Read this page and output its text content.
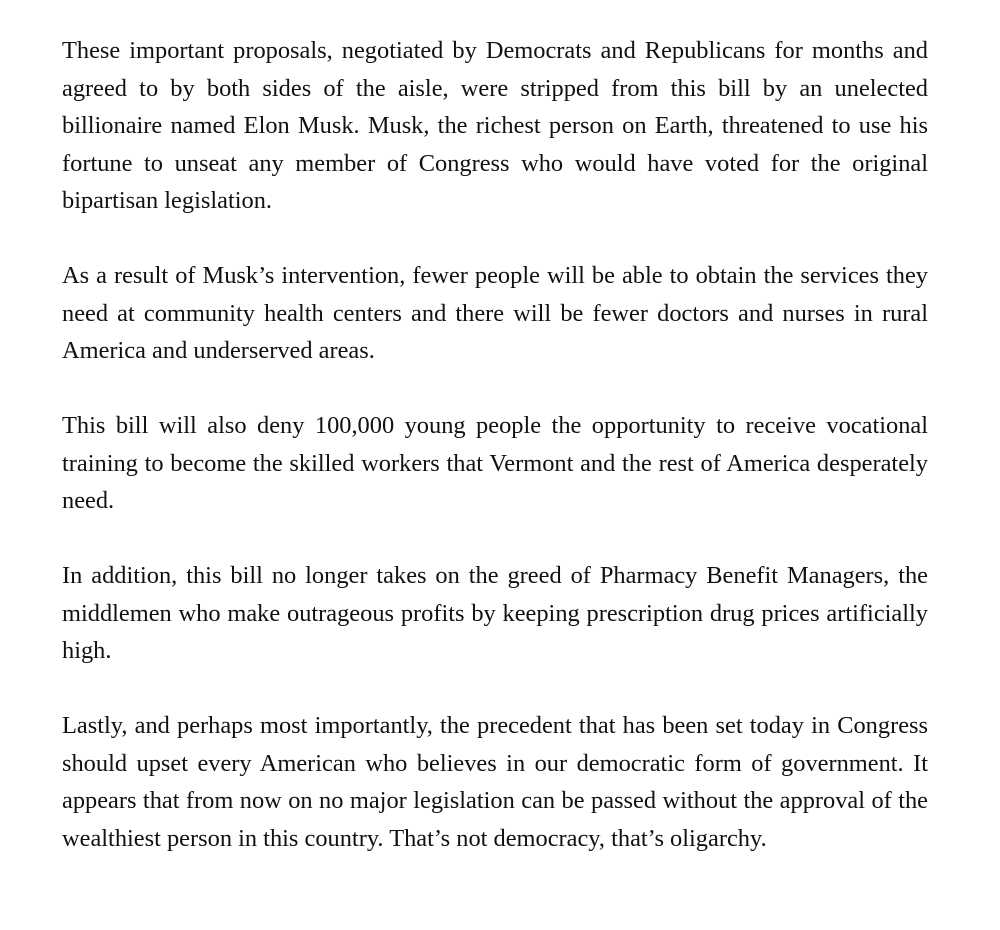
These important proposals, negotiated by Democrats and Republicans for months and agreed to by both sides of the aisle, were stripped from this bill by an unelected billionaire named Elon Musk. Musk, the richest person on Earth, threatened to use his fortune to unseat any member of Congress who would have voted for the original bipartisan legislation.

As a result of Musk’s intervention, fewer people will be able to obtain the services they need at community health centers and there will be fewer doctors and nurses in rural America and underserved areas.

This bill will also deny 100,000 young people the opportunity to receive vocational training to become the skilled workers that Vermont and the rest of America desperately need.

In addition, this bill no longer takes on the greed of Pharmacy Benefit Managers, the middlemen who make outrageous profits by keeping prescription drug prices artificially high.

Lastly, and perhaps most importantly, the precedent that has been set today in Congress should upset every American who believes in our democratic form of government. It appears that from now on no major legislation can be passed without the approval of the wealthiest person in this country. That’s not democracy, that’s oligarchy.
